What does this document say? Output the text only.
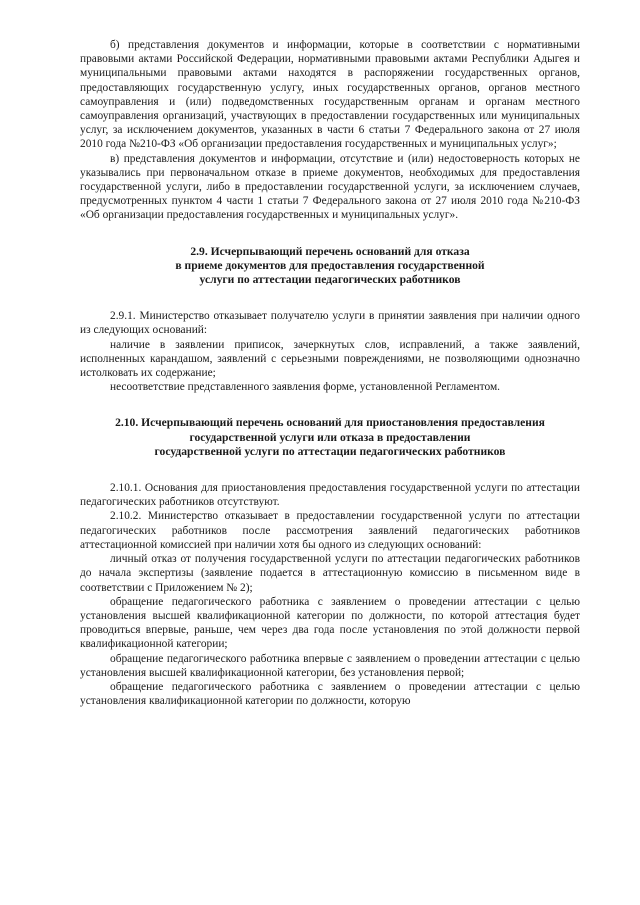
б) представления документов и информации, которые в соответствии с нормативными правовыми актами Российской Федерации, нормативными правовыми актами Республики Адыгея и муниципальными правовыми актами находятся в распоряжении государственных органов, предоставляющих государственную услугу, иных государственных органов, органов местного самоуправления и (или) подведомственных государственным органам и органам местного самоуправления организаций, участвующих в предоставлении государственных или муниципальных услуг, за исключением документов, указанных в части 6 статьи 7 Федерального закона от 27 июля 2010 года №210-ФЗ «Об организации предоставления государственных и муниципальных услуг»;

в) представления документов и информации, отсутствие и (или) недостоверность которых не указывались при первоначальном отказе в приеме документов, необходимых для предоставления государственной услуги, либо в предоставлении государственной услуги, за исключением случаев, предусмотренных пунктом 4 части 1 статьи 7 Федерального закона от 27 июля 2010 года №210-ФЗ «Об организации предоставления государственных и муниципальных услуг».

2.9. Исчерпывающий перечень оснований для отказа
в приеме документов для предоставления государственной
услуги по аттестации педагогических работников

2.9.1. Министерство отказывает получателю услуги в принятии заявления при наличии одного из следующих оснований:

наличие в заявлении приписок, зачеркнутых слов, исправлений, а также заявлений, исполненных карандашом, заявлений с серьезными повреждениями, не позволяющими однозначно истолковать их содержание;

несоответствие представленного заявления форме, установленной Регламентом.

2.10. Исчерпывающий перечень оснований для приостановления предоставления
государственной услуги или отказа в предоставлении
государственной услуги по аттестации педагогических работников

2.10.1. Основания для приостановления предоставления государственной услуги по аттестации педагогических работников отсутствуют.

2.10.2. Министерство отказывает в предоставлении государственной услуги по аттестации педагогических работников после рассмотрения заявлений педагогических работников аттестационной комиссией при наличии хотя бы одного из следующих оснований:

личный отказ от получения государственной услуги по аттестации педагогических работников до начала экспертизы (заявление подается в аттестационную комиссию в письменном виде в соответствии с Приложением № 2);

обращение педагогического работника с заявлением о проведении аттестации с целью установления высшей квалификационной категории по должности, по которой аттестация будет проводиться впервые, раньше, чем через два года после установления по этой должности первой квалификационной категории;

обращение педагогического работника впервые с заявлением о проведении аттестации с целью установления высшей квалификационной категории, без установления первой;

обращение педагогического работника с заявлением о проведении аттестации с целью установления квалификационной категории по должности, которую
